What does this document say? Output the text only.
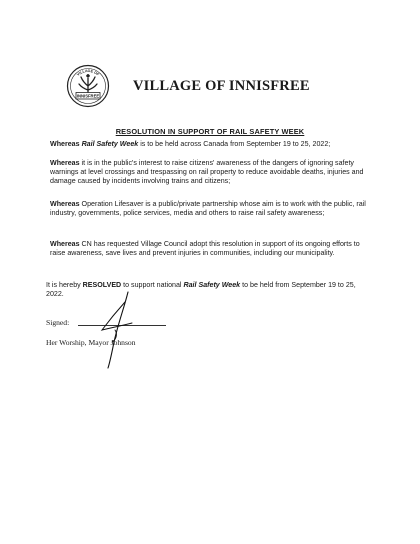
VILLAGE OF
INNISFREE
VILLAGE OF INNISFREE
RESOLUTION IN SUPPORT OF RAIL SAFETY WEEK

Whereas Rail Safety Week is to be held across Canada from September 19 to 25, 2022;

Whereas it is in the public's interest to raise citizens' awareness of the dangers of ignoring safety warnings at level crossings and trespassing on rail property to reduce avoidable deaths, injuries and damage caused by incidents involving trains and citizens;

Whereas Operation Lifesaver is a public/private partnership whose aim is to work with the public, rail industry, governments, police services, media and others to raise rail safety awareness;

Whereas CN has requested Village Council adopt this resolution in support of its ongoing efforts to raise awareness, save lives and prevent injuries in communities, including our municipality.

It is hereby RESOLVED to support national Rail Safety Week to be held from September 19 to 25, 2022.

Signed:
Her Worship, Mayor Johnson
